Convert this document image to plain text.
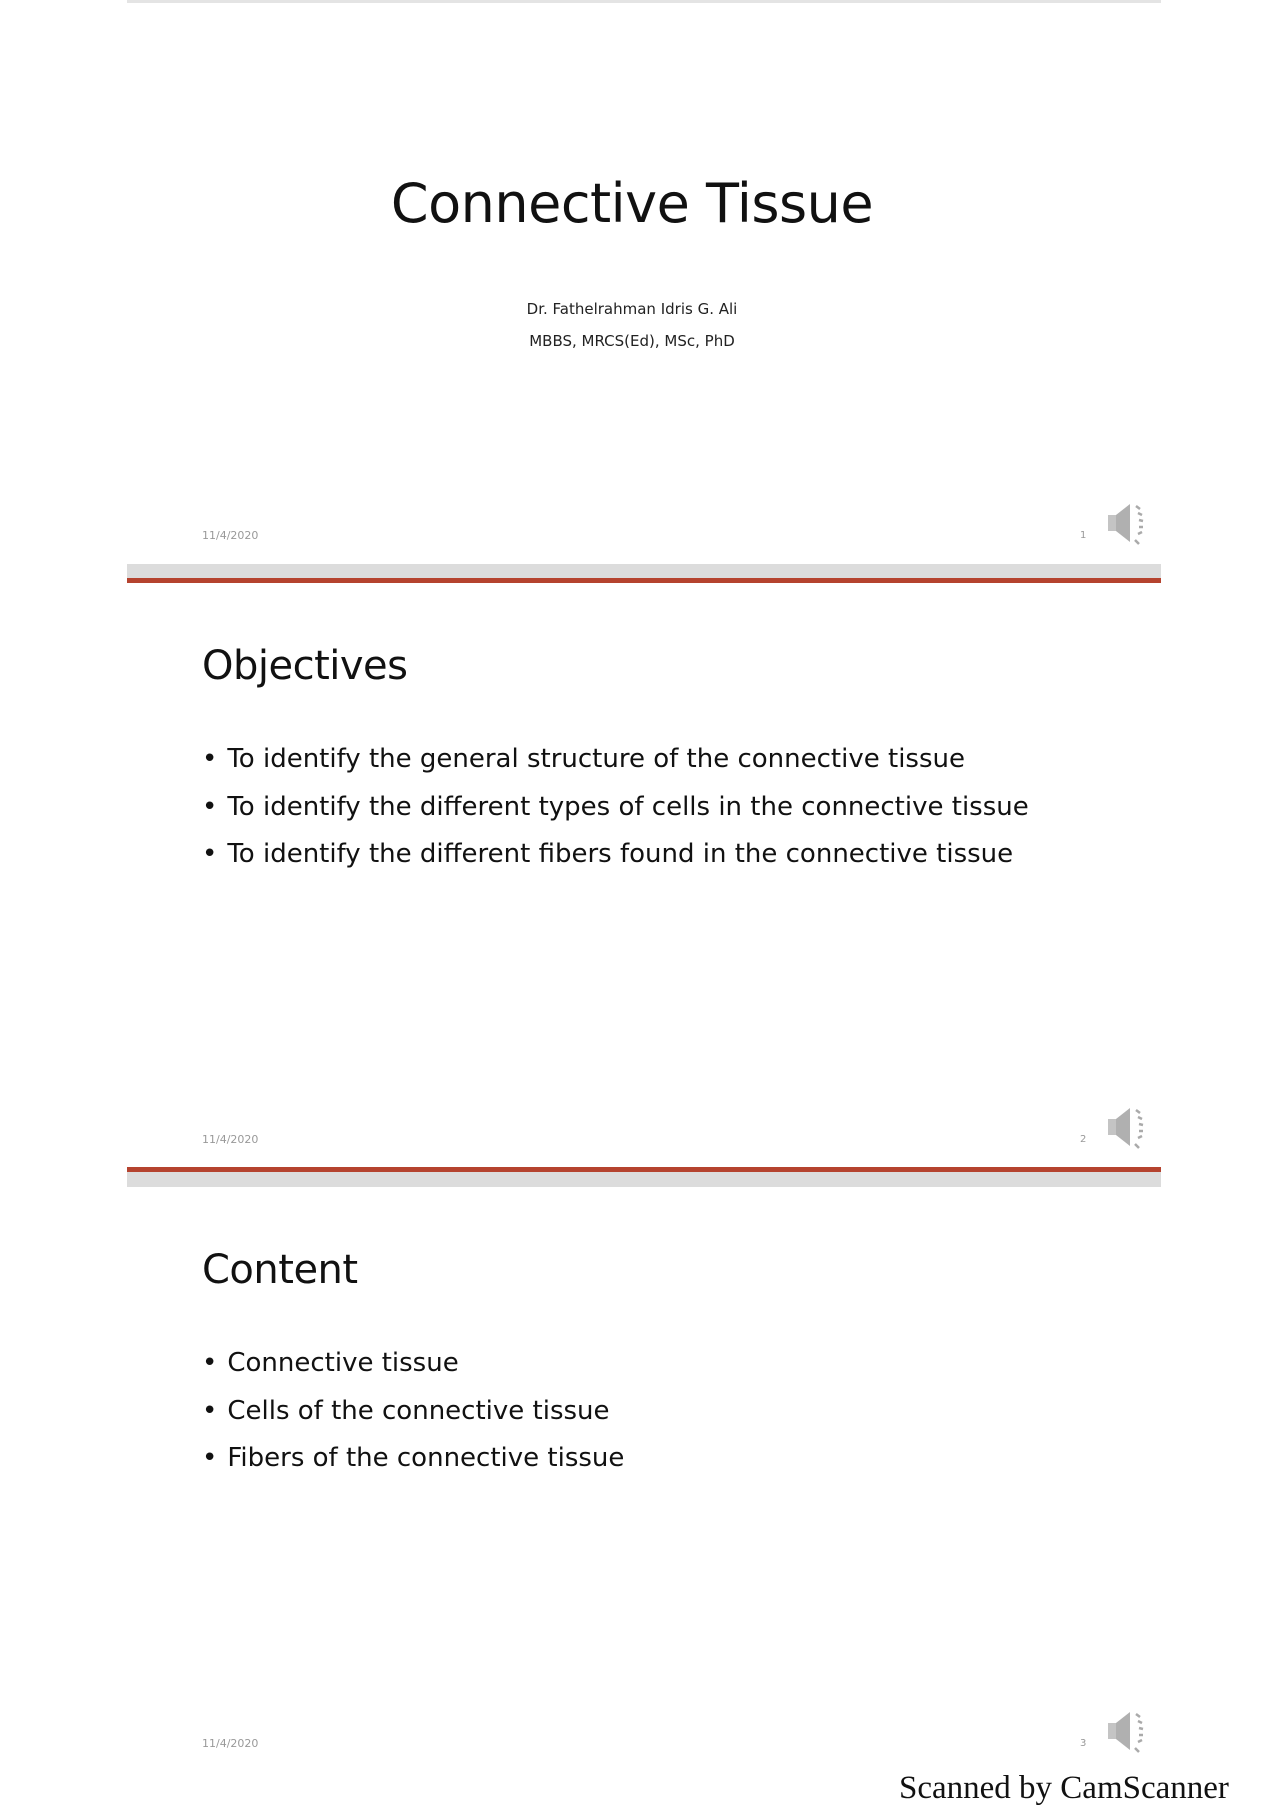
Connective Tissue
Dr. Fathelrahman Idris G. Ali
MBBS, MRCS(Ed), MSc, PhD
11/4/2020	1
Objectives
• To identify the general structure of the connective tissue
• To identify the different types of cells in the connective tissue
• To identify the different fibers found in the connective tissue
11/4/2020	2
Content
• Connective tissue
• Cells of the connective tissue
• Fibers of the connective tissue
11/4/2020	3
Scanned by CamScanner
